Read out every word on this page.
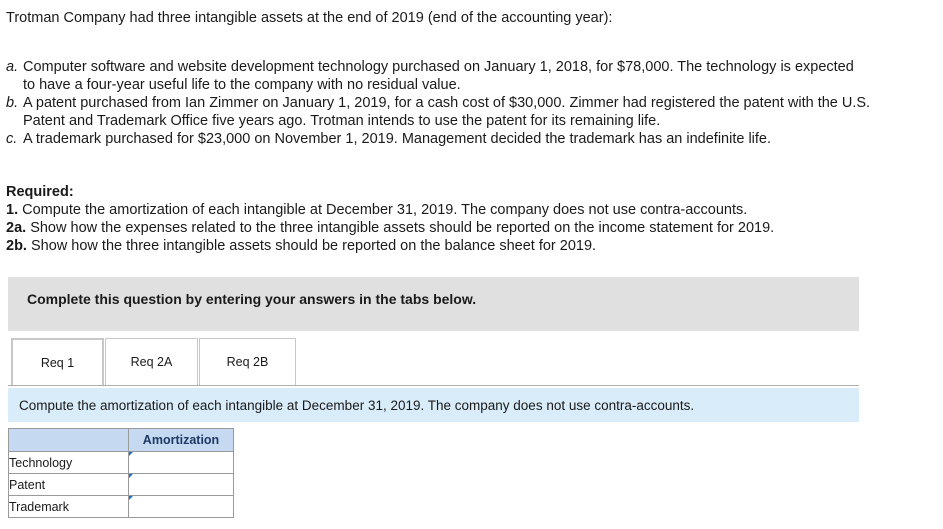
Trotman Company had three intangible assets at the end of 2019 (end of the accounting year):
a. Computer software and website development technology purchased on January 1, 2018, for $78,000. The technology is expected
to have a four-year useful life to the company with no residual value.
b. A patent purchased from Ian Zimmer on January 1, 2019, for a cash cost of $30,000. Zimmer had registered the patent with the U.S.
Patent and Trademark Office five years ago. Trotman intends to use the patent for its remaining life.
c. A trademark purchased for $23,000 on November 1, 2019. Management decided the trademark has an indefinite life.
Required:
1. Compute the amortization of each intangible at December 31, 2019. The company does not use contra-accounts.
2a. Show how the expenses related to the three intangible assets should be reported on the income statement for 2019.
2b. Show how the three intangible assets should be reported on the balance sheet for 2019.
Complete this question by entering your answers in the tabs below.
Req 1	Req 2A	Req 2B
Compute the amortization of each intangible at December 31, 2019. The company does not use contra-accounts.
	Amortization
Technology	

Patent	

Trademark	
